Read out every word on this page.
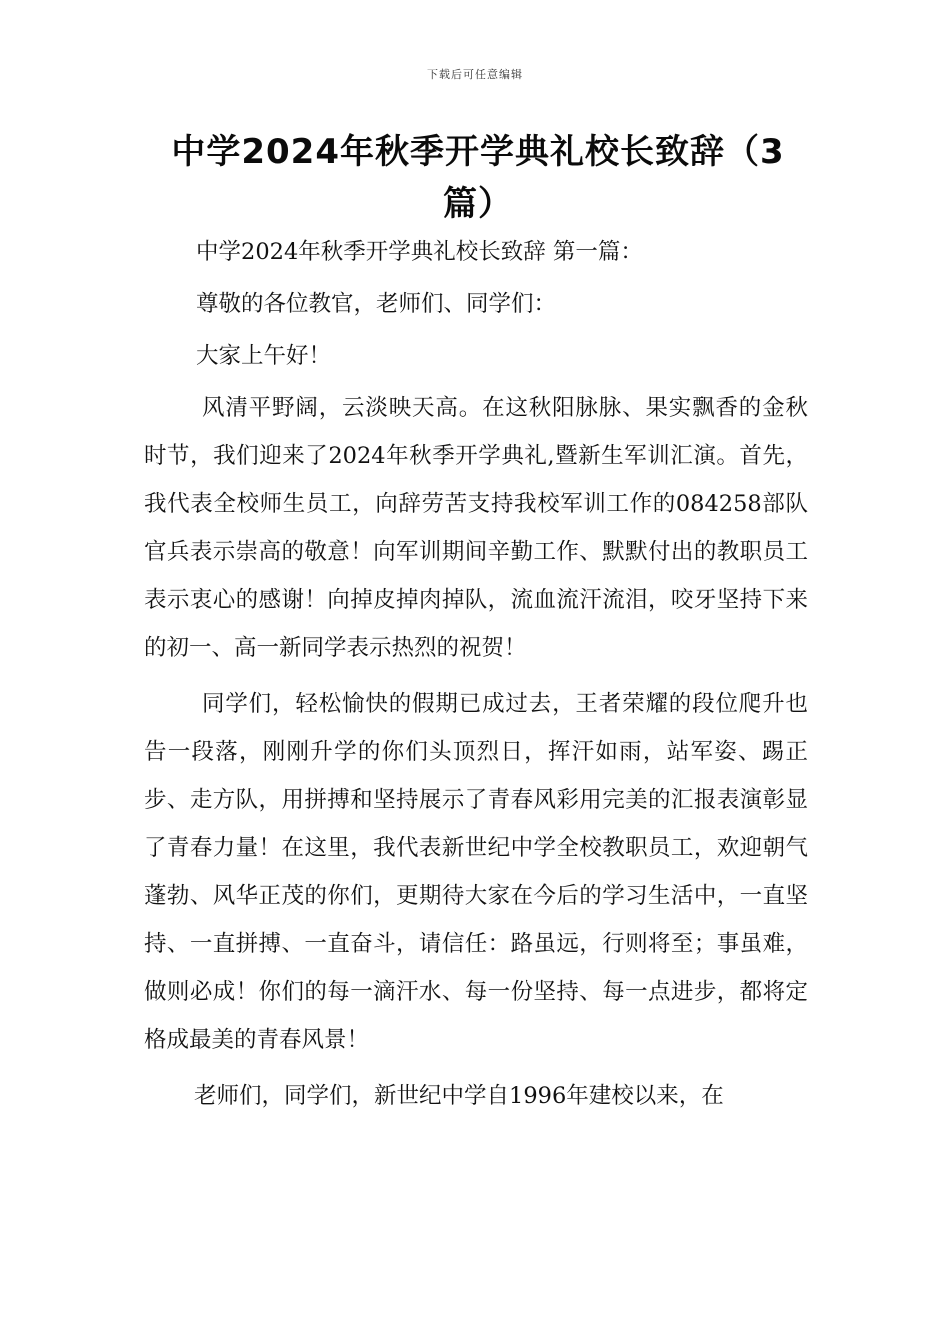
下载后可任意编辑
中学2024年秋季开学典礼校长致辞（3篇）

中学2024年秋季开学典礼校长致辞 第一篇：

尊敬的各位教官，老师们、同学们：

大家上午好！

风清平野阔，云淡映天高。在这秋阳脉脉、果实飘香的金秋时节，我们迎来了2024年秋季开学典礼,暨新生军训汇演。首先，我代表全校师生员工，向辞劳苦支持我校军训工作的084258部队官兵表示崇高的敬意！向军训期间辛勤工作、默默付出的教职员工表示衷心的感谢！向掉皮掉肉掉队，流血流汗流泪，咬牙坚持下来的初一、高一新同学表示热烈的祝贺！

同学们，轻松愉快的假期已成过去，王者荣耀的段位爬升也告一段落，刚刚升学的你们头顶烈日，挥汗如雨，站军姿、踢正步、走方队，用拼搏和坚持展示了青春风彩用完美的汇报表演彰显了青春力量！在这里，我代表新世纪中学全校教职员工，欢迎朝气蓬勃、风华正茂的你们，更期待大家在今后的学习生活中，一直坚持、一直拼搏、一直奋斗，请信任：路虽远，行则将至；事虽难，做则必成！你们的每一滴汗水、每一份坚持、每一点进步，都将定格成最美的青春风景！

老师们，同学们，新世纪中学自1996年建校以来，在
